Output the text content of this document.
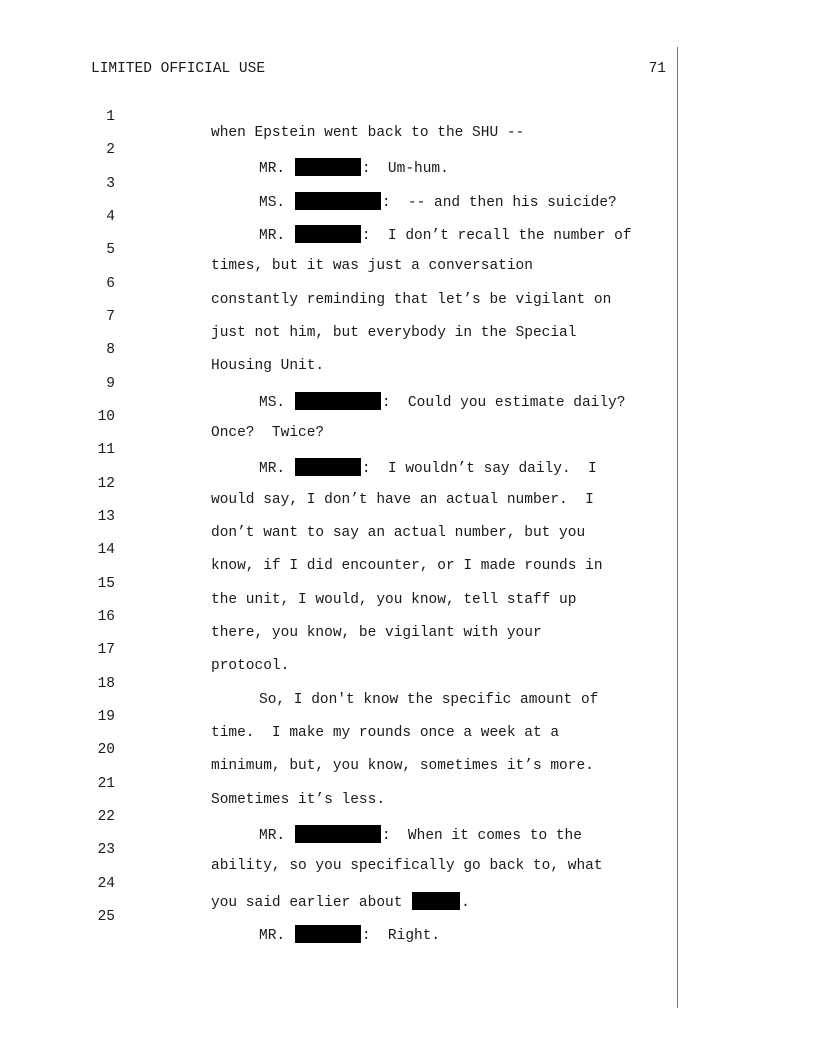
LIMITED OFFICIAL USE	71

1

when Epstein went back to the SHU --

2

MR.	:  Um-hum.

3

MS.	:  -- and then his suicide?

4

MR.	:  I don’t recall the number of

5

times, but it was just a conversation

6

constantly reminding that let’s be vigilant on

7

just not him, but everybody in the Special

8

Housing Unit.

9

MS.	:  Could you estimate daily?

10

Once?  Twice?

11

MR.	:  I wouldn’t say daily.  I

12

would say, I don’t have an actual number.  I

13

don’t want to say an actual number, but you

14

know, if I did encounter, or I made rounds in

15

the unit, I would, you know, tell staff up

16

there, you know, be vigilant with your

17

protocol.

18

So, I don't know the specific amount of

19

time.  I make my rounds once a week at a

20

minimum, but, you know, sometimes it’s more.

21

Sometimes it’s less.

22

MR.	:  When it comes to the

23

ability, so you specifically go back to, what

24

you said earlier about	.

25

MR.	:  Right.
